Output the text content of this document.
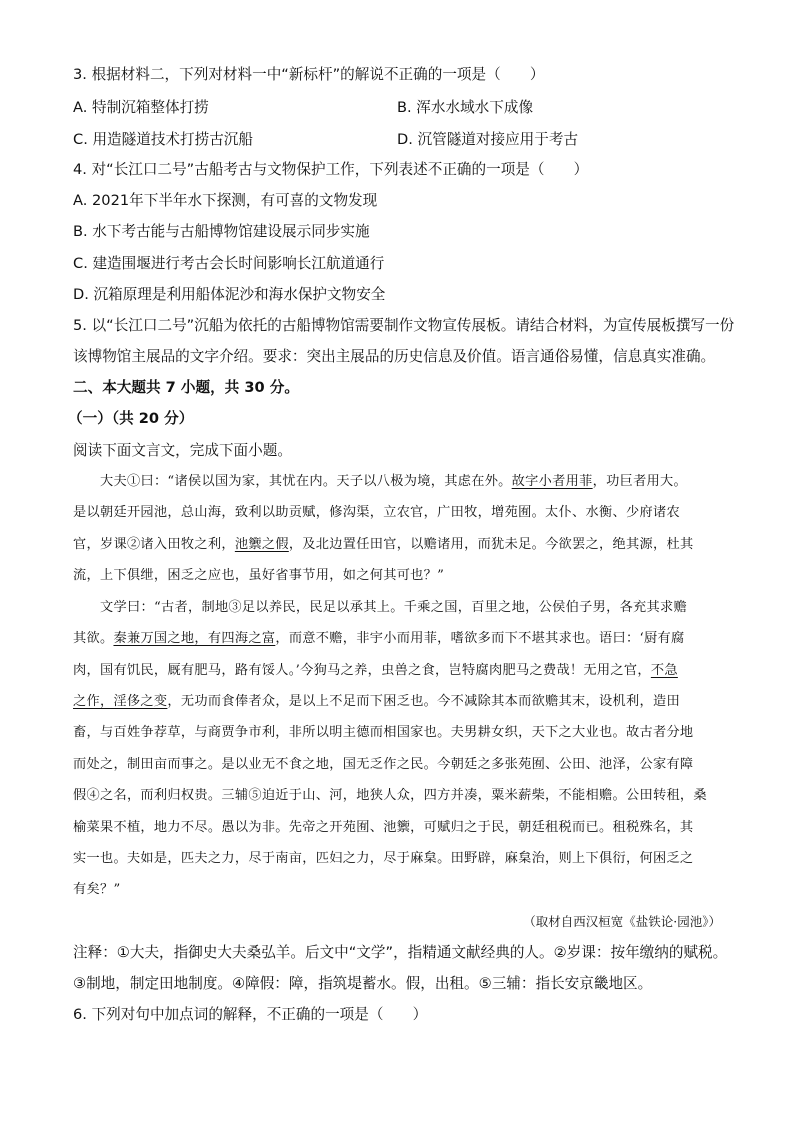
3. 根据材料二，下列对材料一中“新标杆”的解说不正确的一项是（　　）
A. 特制沉箱整体打捞	B. 浑水水域水下成像
C. 用造隧道技术打捞古沉船	D. 沉管隧道对接应用于考古
4. 对“长江口二号”古船考古与文物保护工作，下列表述不正确的一项是（　　）
A. 2021年下半年水下探测，有可喜的文物发现
B. 水下考古能与古船博物馆建设展示同步实施
C. 建造围堰进行考古会长时间影响长江航道通行
D. 沉箱原理是利用船体泥沙和海水保护文物安全
5. 以“长江口二号”沉船为依托的古船博物馆需要制作文物宣传展板。请结合材料，为宣传展板撰写一份
该博物馆主展品的文字介绍。要求：突出主展品的历史信息及价值。语言通俗易懂，信息真实准确。
二、本大题共 7 小题，共 30 分。
（一）（共 20 分）
阅读下面文言文，完成下面小题。
大夫①曰：“诸侯以国为家，其忧在内。天子以八极为境，其虑在外。故字小者用菲，功巨者用大。
是以朝廷开园池，总山海，致利以助贡赋，修沟渠，立农官，广田牧，增苑囿。太仆、水衡、少府诸农
官，岁课②诸入田牧之利，池籞之假，及北边置任田官，以赡诸用，而犹未足。今欲罢之，绝其源，杜其
流，上下俱绁，困乏之应也，虽好省事节用，如之何其可也？”
文学曰：“古者，制地③足以养民，民足以承其上。千乘之国，百里之地，公侯伯子男，各充其求赡
其欲。秦兼万国之地，有四海之富，而意不赡，非宇小而用菲，嗜欲多而下不堪其求也。语曰：‘厨有腐
肉，国有饥民，厩有肥马，路有馁人。’今狗马之养，虫兽之食，岂特腐肉肥马之费哉！无用之官，不急
之作，淫侈之变，无功而食俸者众，是以上不足而下困乏也。今不减除其本而欲赡其末，设机利，造田
畜，与百姓争荐草，与商贾争市利，非所以明主德而相国家也。夫男耕女织，天下之大业也。故古者分地
而处之，制田亩而事之。是以业无不食之地，国无乏作之民。今朝廷之多张苑囿、公田、池泽，公家有障
假④之名，而利归权贵。三辅⑤迫近于山、河，地狭人众，四方并凑，粟米薪柴，不能相赡。公田转租，桑
榆菜果不植，地力不尽。愚以为非。先帝之开苑囿、池籞，可赋归之于民，朝廷租税而已。租税殊名，其
实一也。夫如是，匹夫之力，尽于南亩，匹妇之力，尽于麻枲。田野辟，麻枲治，则上下俱衍，何困乏之
有矣？”
（取材自西汉桓宽《盐铁论·园池》）
注释：①大夫，指御史大夫桑弘羊。后文中“文学”，指精通文献经典的人。②岁课：按年缴纳的赋税。
③制地，制定田地制度。④障假：障，指筑堤蓄水。假，出租。⑤三辅：指长安京畿地区。
6. 下列对句中加点词的解释，不正确的一项是（　　）
